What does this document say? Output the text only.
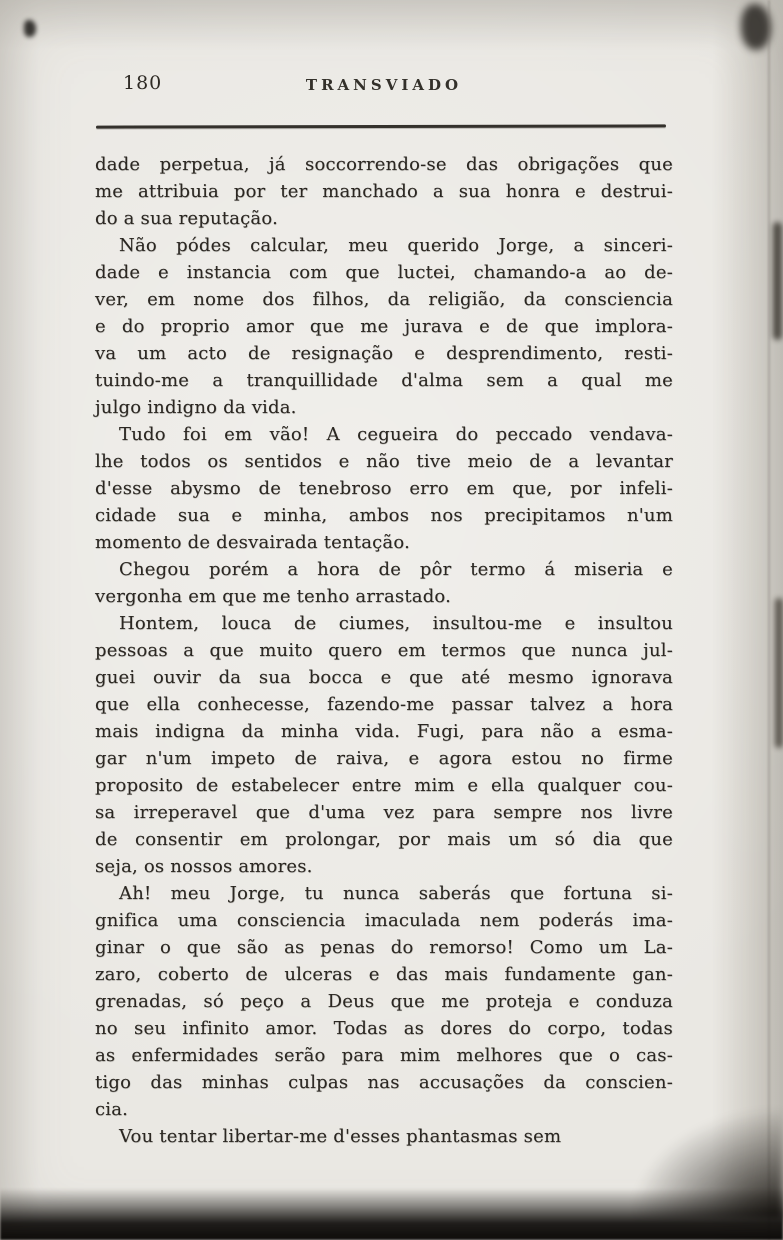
180	TRANSVIADO
dade perpetua, já soccorrendo-se das obrigações que
me attribuia por ter manchado a sua honra e destrui-
do a sua reputação.
Não pódes calcular, meu querido Jorge, a sinceri-
dade e instancia com que luctei, chamando-a ao de-
ver, em nome dos filhos, da religião, da consciencia
e do proprio amor que me jurava e de que implora-
va um acto de resignação e desprendimento, resti-
tuindo-me a tranquillidade d'alma sem a qual me
julgo indigno da vida.
Tudo foi em vão! A cegueira do peccado vendava-
lhe todos os sentidos e não tive meio de a levantar
d'esse abysmo de tenebroso erro em que, por infeli-
cidade sua e minha, ambos nos precipitamos n'um
momento de desvairada tentação.
Chegou porém a hora de pôr termo á miseria e
vergonha em que me tenho arrastado.
Hontem, louca de ciumes, insultou-me e insultou
pessoas a que muito quero em termos que nunca jul-
guei ouvir da sua bocca e que até mesmo ignorava
que ella conhecesse, fazendo-me passar talvez a hora
mais indigna da minha vida. Fugi, para não a esma-
gar n'um impeto de raiva, e agora estou no firme
proposito de estabelecer entre mim e ella qualquer cou-
sa irreperavel que d'uma vez para sempre nos livre
de consentir em prolongar, por mais um só dia que
seja, os nossos amores.
Ah! meu Jorge, tu nunca saberás que fortuna si-
gnifica uma consciencia imaculada nem poderás ima-
ginar o que são as penas do remorso! Como um La-
zaro, coberto de ulceras e das mais fundamente gan-
grenadas, só peço a Deus que me proteja e conduza
no seu infinito amor. Todas as dores do corpo, todas
as enfermidades serão para mim melhores que o cas-
tigo das minhas culpas nas accusações da conscien-
cia.
Vou tentar libertar-me d'esses phantasmas sem
